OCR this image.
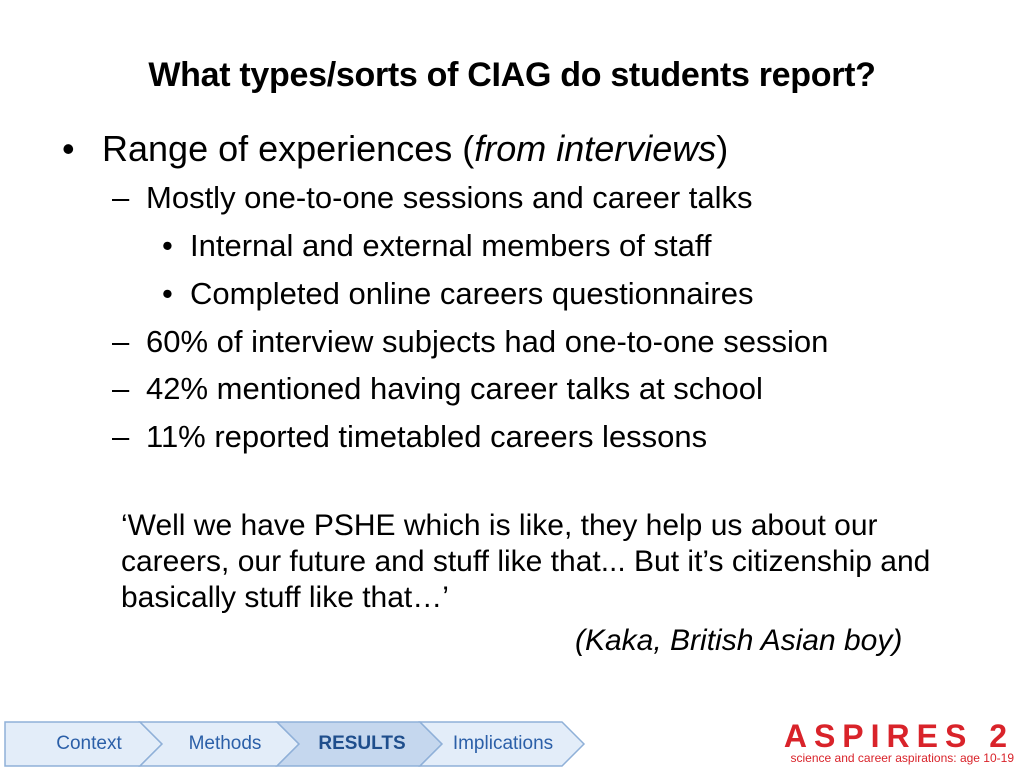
What types/sorts of CIAG do students report?
• Range of experiences (from interviews)
– Mostly one-to-one sessions and career talks
• Internal and external members of staff
• Completed online careers questionnaires
– 60% of interview subjects had one-to-one session
– 42% mentioned having career talks at school
– 11% reported timetabled careers lessons
‘Well we have PSHE which is like, they help us about our careers, our future and stuff like that... But it’s citizenship and basically stuff like that…’
(Kaka, British Asian boy)
Context	Methods	RESULTS	Implications	ASPIRES 2
science and career aspirations: age 10-19
